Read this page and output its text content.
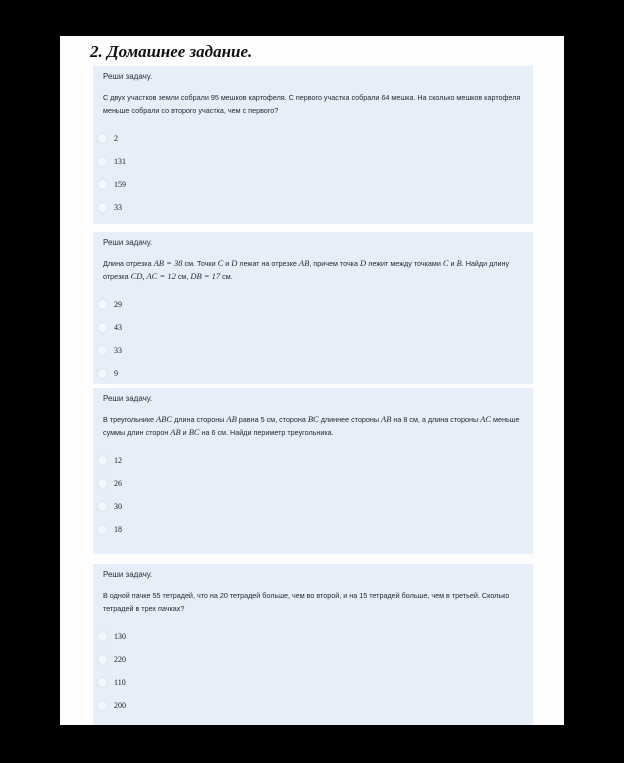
2. Домашнее задание.

Реши задачу.

С двух участков земли собрали 95 мешков картофеля. С первого участка собрали 64 мешка. На сколько мешков картофеля меньше собрали со второго участка, чем с первого?

2
131
159
33

Реши задачу.

Длина отрезка AB = 38 см. Точки C и D лежат на отрезке AB, причем точка D лежит между точками C и B. Найди длину отрезка CD, AC = 12 см, DB = 17 см.

29
43
33
9

Реши задачу.

В треугольнике ABC длина стороны AB равна 5 см, сторона BC длиннее стороны AB на 8 см, а длина стороны AC меньше суммы длин сторон AB и BC на 6 см. Найди периметр треугольника.

12
26
30
18

Реши задачу.

В одной пачке 55 тетрадей, что на 20 тетрадей больше, чем во второй, и на 15 тетрадей больше, чем в третьей. Сколько тетрадей в трех пачках?

130
220
110
200
